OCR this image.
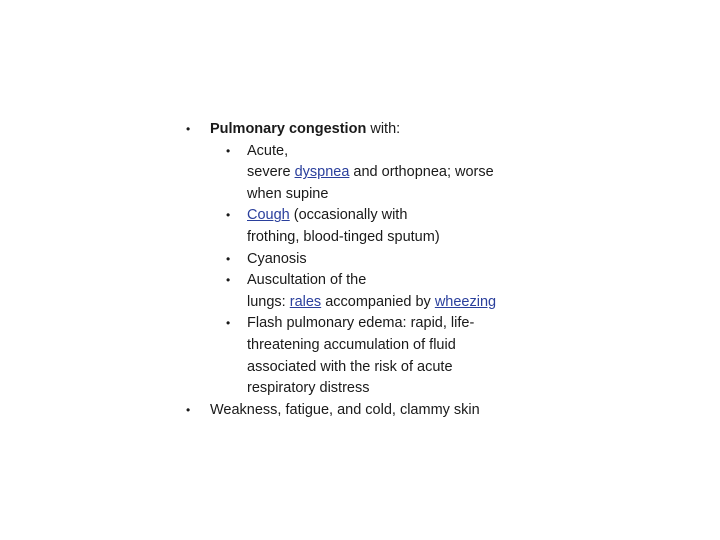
• Pulmonary congestion with:
• Acute,
severe dyspnea and orthopnea; worse
when supine
• Cough (occasionally with
frothing, blood-tinged sputum)
• Cyanosis
• Auscultation of the
lungs: rales accompanied by wheezing
• Flash pulmonary edema: rapid, life-
threatening accumulation of fluid
associated with the risk of acute
respiratory distress
• Weakness, fatigue, and cold, clammy skin
